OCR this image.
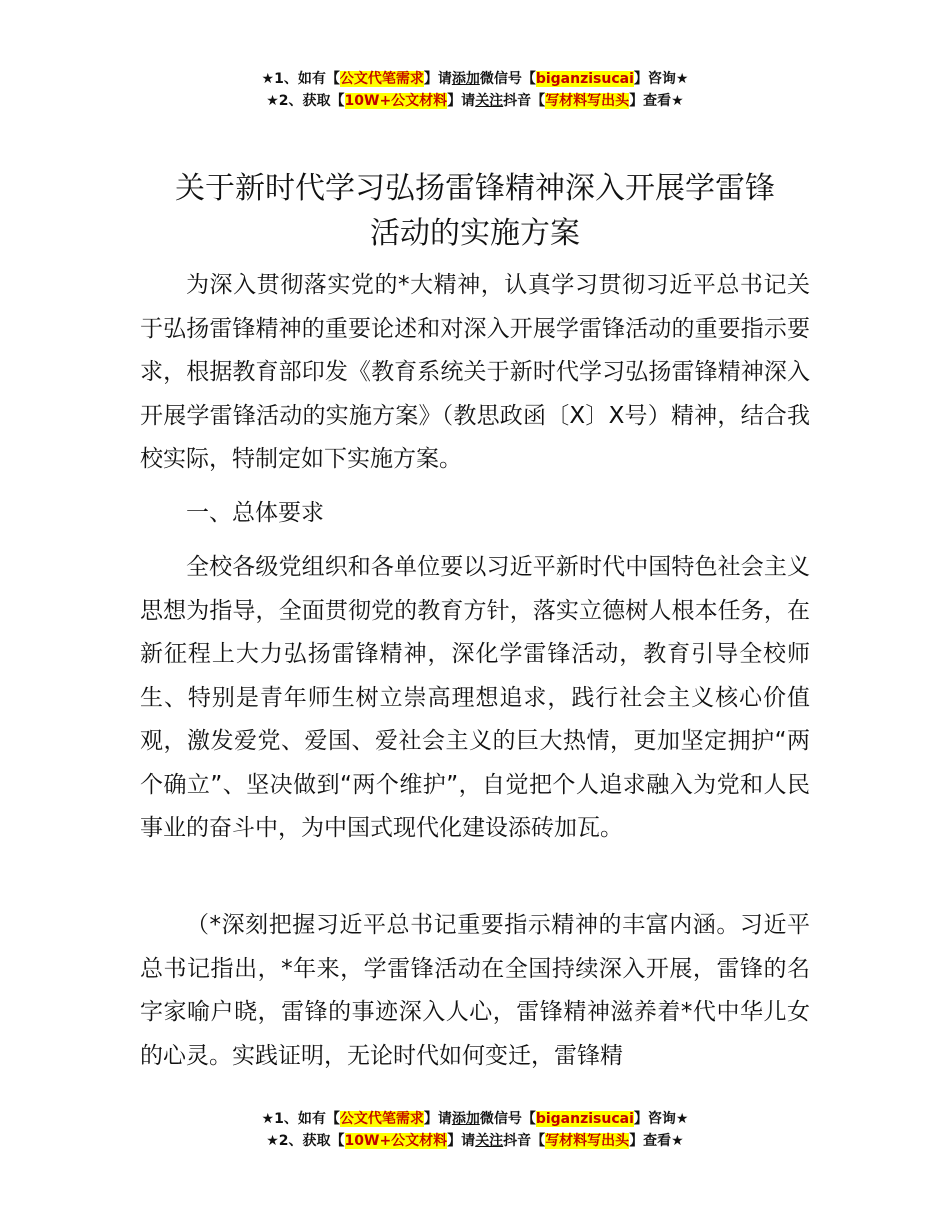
★1、如有【公文代笔需求】请添加微信号【biganzisucai】咨询★
★2、获取【10W+公文材料】请关注抖音【写材料写出头】查看★
关于新时代学习弘扬雷锋精神深入开展学雷锋
活动的实施方案

为深入贯彻落实党的*大精神，认真学习贯彻习近平总书记关于弘扬雷锋精神的重要论述和对深入开展学雷锋活动的重要指示要求，根据教育部印发《教育系统关于新时代学习弘扬雷锋精神深入开展学雷锋活动的实施方案》（教思政函〔X〕X号）精神，结合我校实际，特制定如下实施方案。

一、总体要求

全校各级党组织和各单位要以习近平新时代中国特色社会主义思想为指导，全面贯彻党的教育方针，落实立德树人根本任务，在新征程上大力弘扬雷锋精神，深化学雷锋活动，教育引导全校师生、特别是青年师生树立崇高理想追求，践行社会主义核心价值观，激发爱党、爱国、爱社会主义的巨大热情，更加坚定拥护“两个确立”、坚决做到“两个维护”，自觉把个人追求融入为党和人民事业的奋斗中，为中国式现代化建设添砖加瓦。

（*深刻把握习近平总书记重要指示精神的丰富内涵。习近平总书记指出，*年来，学雷锋活动在全国持续深入开展，雷锋的名字家喻户晓，雷锋的事迹深入人心，雷锋精神滋养着*代中华儿女的心灵。实践证明，无论时代如何变迁，雷锋精

★1、如有【公文代笔需求】请添加微信号【biganzisucai】咨询★
★2、获取【10W+公文材料】请关注抖音【写材料写出头】查看★
